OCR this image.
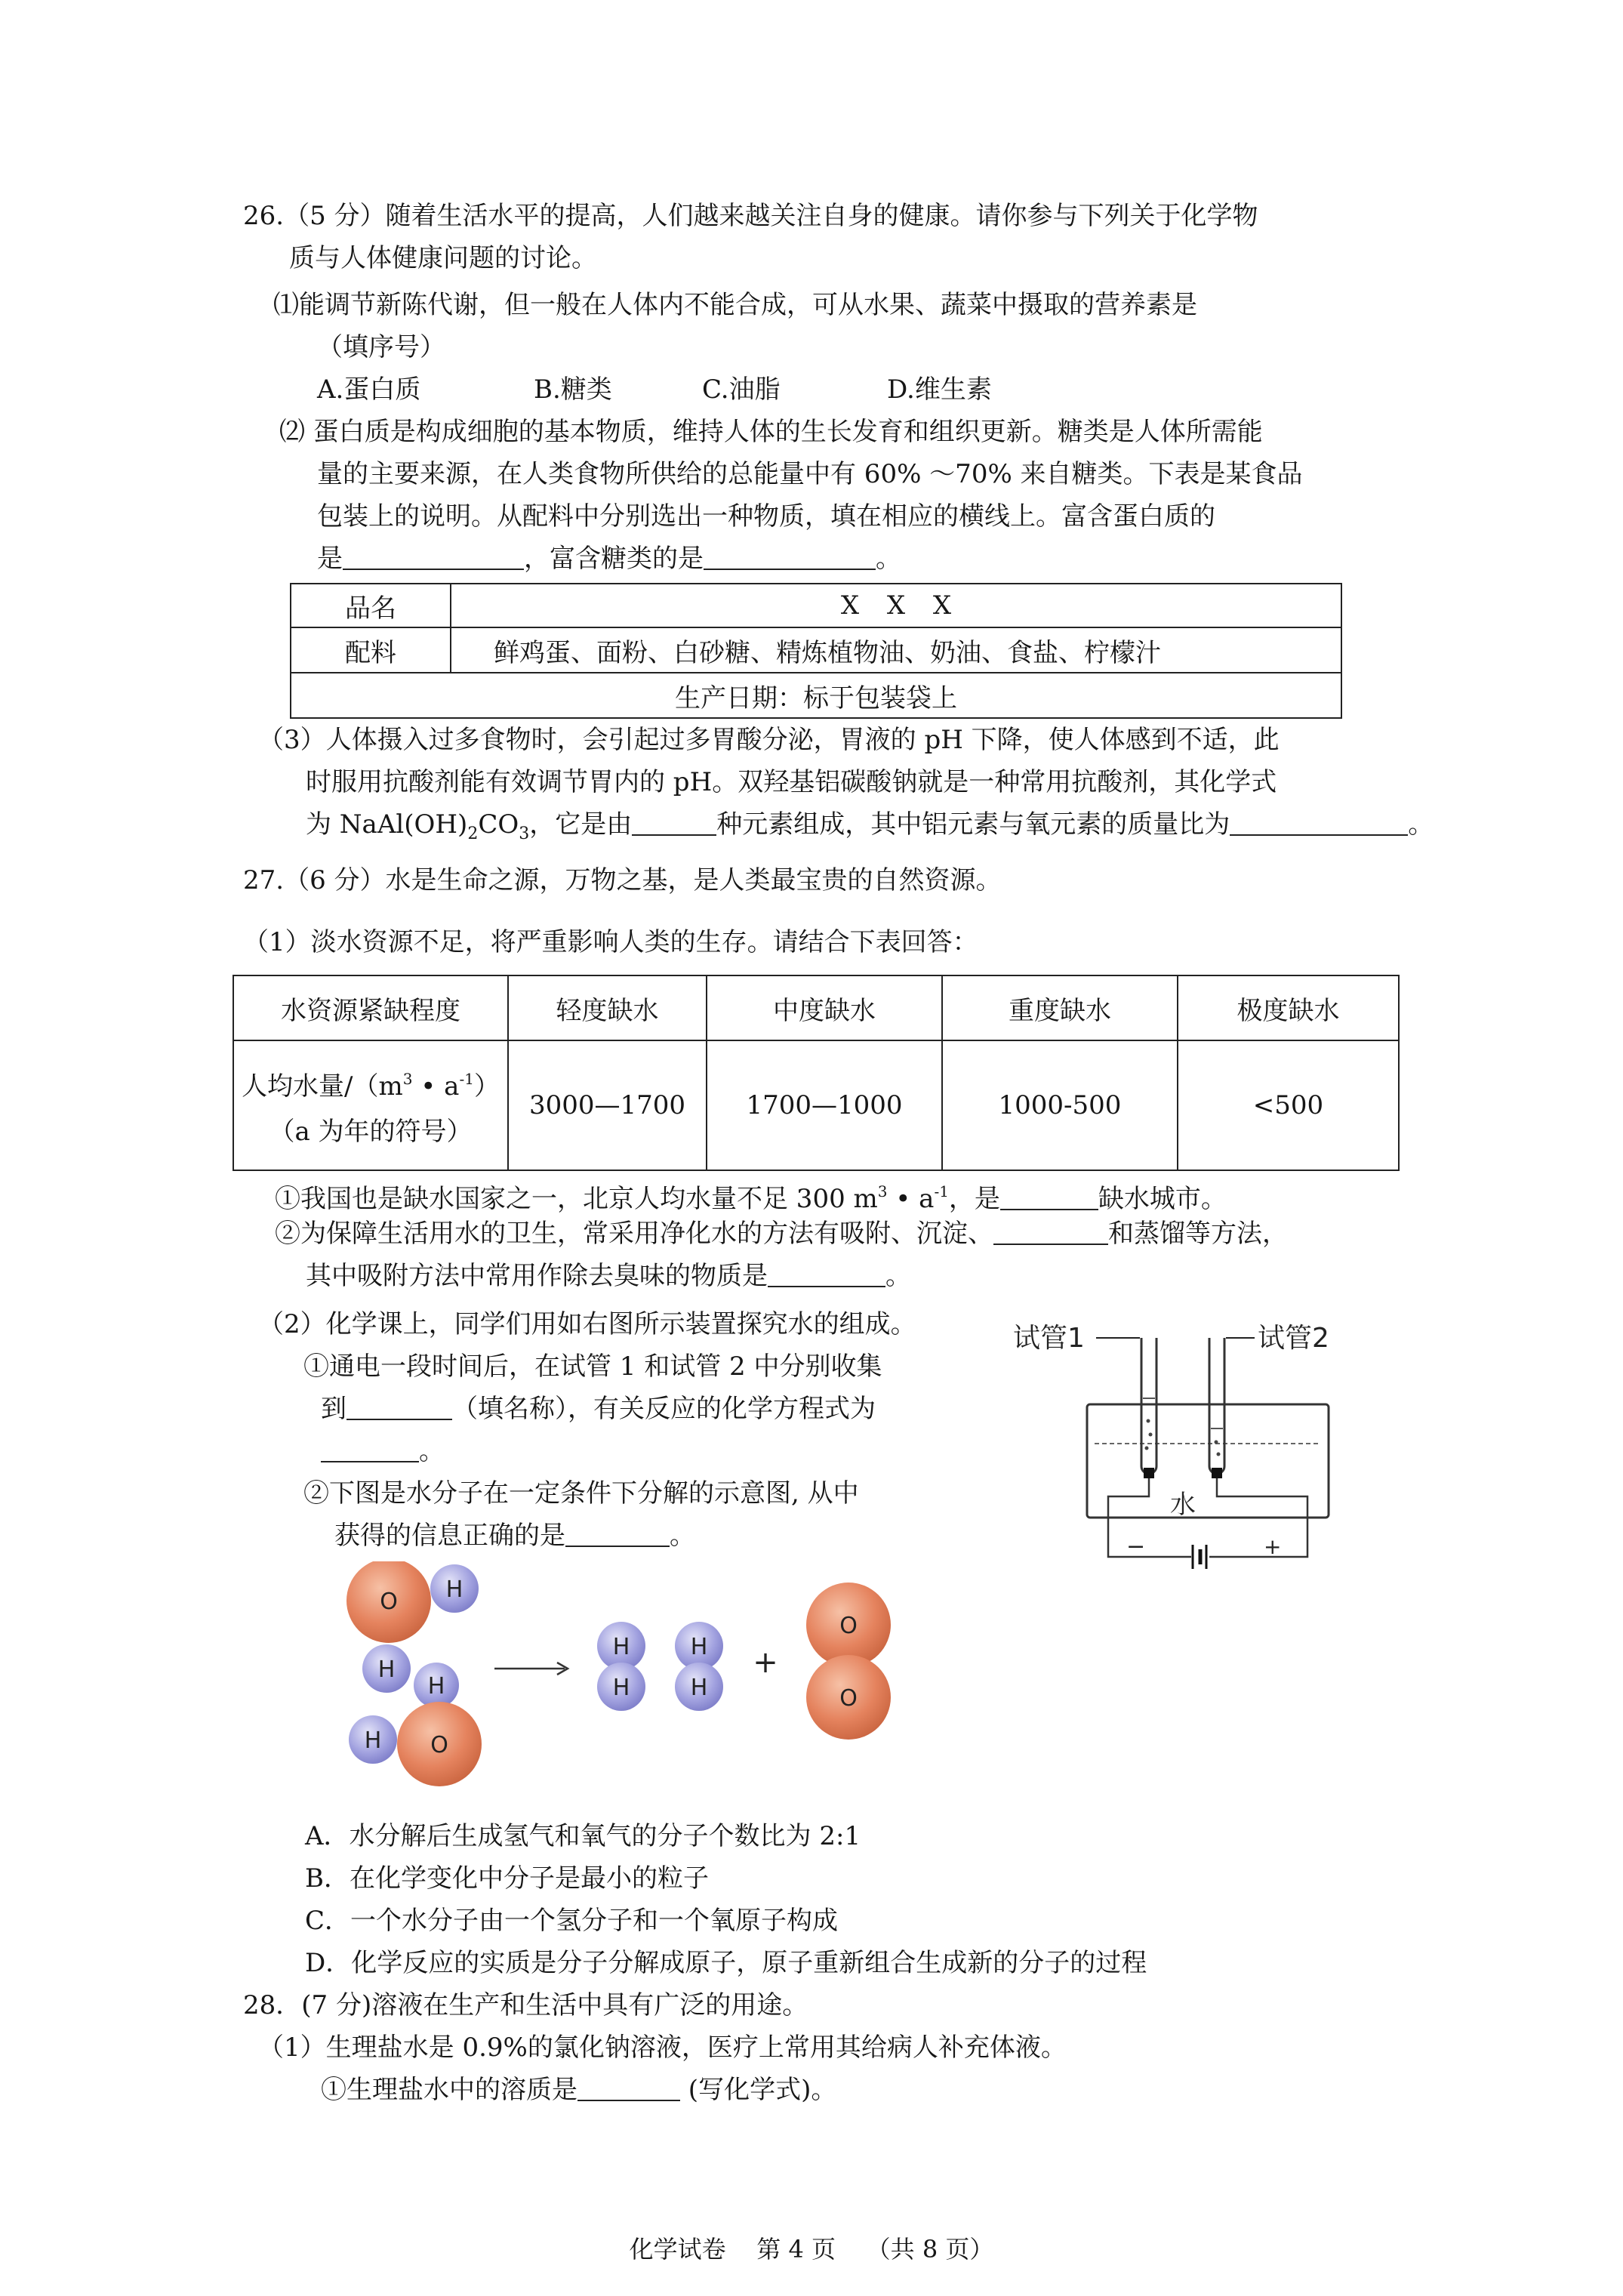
26.（5 分）随着生活水平的提高，人们越来越关注自身的健康。请你参与下列关于化学物
质与人体健康问题的讨论。
⑴能调节新陈代谢，但一般在人体内不能合成，可从水果、蔬菜中摄取的营养素是
（填序号）
A.蛋白质	B.糖类	C.油脂	D.维生素
⑵ 蛋白质是构成细胞的基本物质，维持人体的生长发育和组织更新。糖类是人体所需能
量的主要来源，在人类食物所供给的总能量中有 60% ～70% 来自糖类。下表是某食品
包装上的说明。从配料中分别选出一种物质，填在相应的横线上。富含蛋白质的
是	，富含糖类的是	。
品名	X X X
配料	鲜鸡蛋、面粉、白砂糖、精炼植物油、奶油、食盐、柠檬汁
生产日期：标于包装袋上	
（3）人体摄入过多食物时，会引起过多胃酸分泌，胃液的 pH 下降，使人体感到不适，此
时服用抗酸剂能有效调节胃内的 pH。双羟基铝碳酸钠就是一种常用抗酸剂，其化学式
为 $NaAl(OH)_2CO_3$，它是由	种元素组成，其中铝元素与氧元素的质量比为	。
27.（6 分）水是生命之源，万物之基，是人类最宝贵的自然资源。
（1）淡水资源不足，将严重影响人类的生存。请结合下表回答：
水资源紧缺程度	轻度缺水	中度缺水	重度缺水	极度缺水
人均水量$/(m^3$ • $a^{-1}$）
（a 为年的符号）	3000—1700	1700—1000	1000-500	<500
①我国也是缺水国家之一，北京人均水量不足 300 $m^3$ • $a^{-1}$，是	缺水城市。
②为保障生活用水的卫生，常采用净化水的方法有吸附、沉淀、	和蒸馏等方法，
其中吸附方法中常用作除去臭味的物质是	。
（2）化学课上，同学们用如右图所示装置探究水的组成。
①通电一段时间后，在试管 1 和试管 2 中分别收集
到	（填名称），有关反应的化学方程式为
。
②下图是水分子在一定条件下分解的示意图, 从中
获得的信息正确的是	。
试管1	试管2
水
−	+
O H
H
H
O
H
H
H
H
H
+
O
O
A．水分解后生成氢气和氧气的分子个数比为 2:1
B．在化学变化中分子是最小的粒子
C．一个水分子由一个氢分子和一个氧原子构成
D．化学反应的实质是分子分解成原子，原子重新组合生成新的分子的过程
28．(7 分)溶液在生产和生活中具有广泛的用途。
（1）生理盐水是 0.9%的氯化钠溶液，医疗上常用其给病人补充体液。
①生理盐水中的溶质是	(写化学式)。
化学试卷    第 4 页    （共 8 页）
